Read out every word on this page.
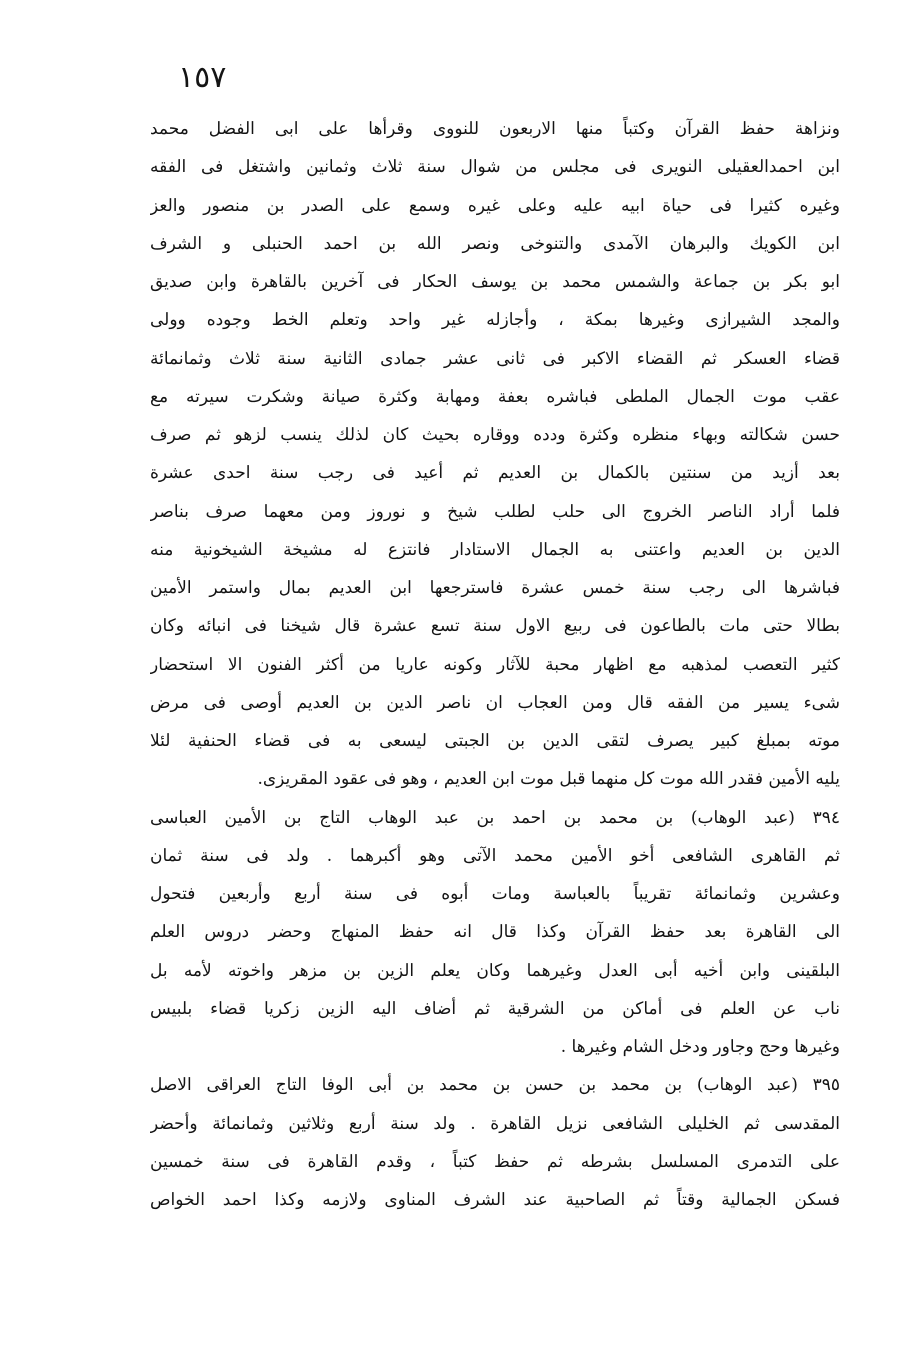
١٥٧
ونزاهة حفظ القرآن وكتباً منها الاربعون للنووى وقرأها على ابى الفضل محمد
ابن احمدالعقيلى النويرى فى مجلس من شوال سنة ثلاث وثمانين واشتغل فى الفقه
وغيره كثيرا فى حياة ابيه عليه وعلى غيره وسمع على الصدر بن منصور والعز
ابن الكويك والبرهان الآمدى والتنوخى ونصر الله بن احمد الحنبلى و الشرف
ابو بكر بن جماعة والشمس محمد بن يوسف الحكار فى آخرين بالقاهرة وابن صديق
والمجد الشيرازى وغيرها بمكة ، وأجازله غير واحد وتعلم الخط وجوده وولى
قضاء العسكر ثم القضاء الاكبر فى ثانى عشر جمادى الثانية سنة ثلاث وثمانمائة
عقب موت الجمال الملطى فباشره بعفة ومهابة وكثرة صيانة وشكرت سيرته مع
حسن شكالته وبهاء منظره وكثرة ودده ووقاره بحيث كان لذلك ينسب لزهو ثم صرف
بعد أزيد من سنتين بالكمال بن العديم ثم أعيد فى رجب سنة احدى عشرة
فلما أراد الناصر الخروج الى حلب لطلب شيخ و نوروز ومن معهما صرف بناصر
الدين بن العديم واعتنى به الجمال الاستادار فانتزع له مشيخة الشيخونية منه
فباشرها الى رجب سنة خمس عشرة فاسترجعها ابن العديم بمال واستمر الأمين
بطالا حتى مات بالطاعون فى ربيع الاول سنة تسع عشرة قال شيخنا فى انبائه وكان
كثير التعصب لمذهبه مع اظهار محبة للآثار وكونه عاريا من أكثر الفنون الا استحضار
شىء يسير من الفقه قال ومن العجاب ان ناصر الدين بن العديم أوصى فى مرض
موته بمبلغ كبير يصرف لتقى الدين بن الجبتى ليسعى به فى قضاء الحنفية لئلا
يليه الأمين فقدر الله موت كل منهما قبل موت ابن العديم ، وهو فى عقود المقريزى.
٣٩٤ (عبد الوهاب) بن محمد بن احمد بن عبد الوهاب التاج بن الأمين العباسى
ثم القاهرى الشافعى أخو الأمين محمد الآتى وهو أكبرهما . ولد فى سنة ثمان
وعشرين وثمانمائة تقريباً بالعباسة ومات أبوه فى سنة أربع وأربعين فتحول
الى القاهرة بعد حفظ القرآن وكذا قال انه حفظ المنهاج وحضر دروس العلم
البلقينى وابن أخيه أبى العدل وغيرهما وكان يعلم الزين بن مزهر واخوته لأمه بل
ناب عن العلم فى أماكن من الشرقية ثم أضاف اليه الزين زكريا قضاء بلبيس
وغيرها وحج وجاور ودخل الشام وغيرها .
٣٩٥ (عبد الوهاب) بن محمد بن حسن بن محمد بن أبى الوفا التاج العراقى الاصل
المقدسى ثم الخليلى الشافعى نزيل القاهرة . ولد سنة أربع وثلاثين وثمانمائة وأحضر
على التدمرى المسلسل بشرطه ثم حفظ كتباً ، وقدم القاهرة فى سنة خمسين
فسكن الجمالية وقتاً ثم الصاحبية عند الشرف المناوى ولازمه وكذا احمد الخواص
